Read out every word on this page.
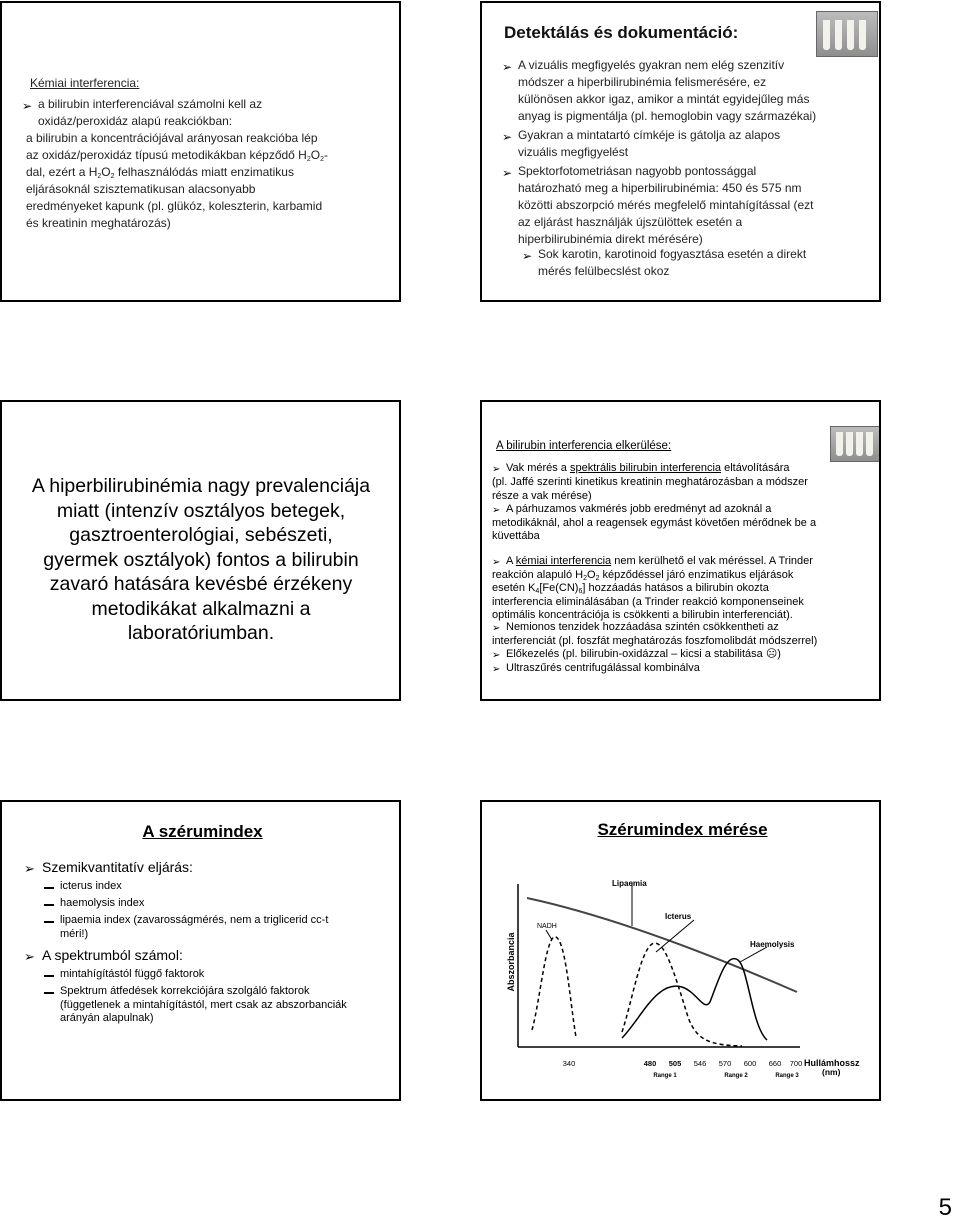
Kémiai interferencia:
a bilirubin interferenciával számolni kell az
oxidáz/peroxidáz alapú reakciókban:
➢
a bilirubin a koncentrációjával arányosan reakcióba lép
az oxidáz/peroxidáz típusú metodikákban képződő $H_2O_2-$
dal, ezért a $H_2O_2$ felhasználódás miatt enzimatikus
eljárásoknál szisztematikusan alacsonyabb
eredményeket kapunk (pl. glükóz, koleszterin, karbamid
és kreatinin meghatározás)
Detektálás és dokumentáció:
➢ A vizuális megfigyelés gyakran nem elég szenzitív
módszer a hiperbilirubinémia felismerésére, ez
különösen akkor igaz, amikor a mintát egyidejűleg más
anyag is pigmentálja (pl. hemoglobin vagy származékai)
➢ Gyakran a mintatartó címkéje is gátolja az alapos
vizuális megfigyelést
➢ Spektorfotometriásan nagyobb pontossággal
határozható meg a hiperbilirubinémia: 450 és 575 nm
közötti abszorpció mérés megfelelő mintahígítással (ezt
az eljárást használják újszülöttek esetén a
hiperbilirubinémia direkt mérésére)
➢ Sok karotin, karotinoid fogyasztása esetén a direkt
mérés felülbecslést okoz
A hiperbilirubinémia nagy prevalenciája
miatt (intenzív osztályos betegek,
gasztroenterológiai, sebészeti,
gyermek osztályok) fontos a bilirubin
zavaró hatására kevésbé érzékeny
metodikákat alkalmazni a
laboratóriumban.
A bilirubin interferencia elkerülése:
➢ Vak mérés a spektrális bilirubin interferencia eltávolítására
(pl. Jaffé szerinti kinetikus kreatinin meghatározásban a módszer
része a vak mérése)
➢ A párhuzamos vakmérés jobb eredményt ad azoknál a
metodikáknál, ahol a reagensek egymást követően mérődnek be a
küvettába
➢ A kémiai interferencia nem kerülhető el vak méréssel. A Trinder
reakción alapuló $H_2O_2$ képződéssel járó enzimatikus eljárások
esetén $K_4[Fe(CN)_6]$ hozzáadás hatásos a bilirubin okozta
interferencia eliminálásában (a Trinder reakció komponenseinek
optimális koncentrációja is csökkenti a bilirubin interferenciát).
➢ Nemionos tenzidek hozzáadása szintén csökkentheti az
interferenciát (pl. foszfát meghatározás foszfomolibdát módszerrel)
➢ Előkezelés (pl. bilirubin-oxidázzal – kicsi a stabilitása ☹)
➢ Ultraszűrés centrifugálással kombinálva
A szérumindex
➢ Szemikvantitatív eljárás:
icterus index
haemolysis index
lipaemia index (zavarosságmérés, nem a triglicerid cc-t
méri!)
➢ A spektrumból számol:
mintahígítástól függő faktorok
Spektrum átfedések korrekciójára szolgáló faktorok
(függetlenek a mintahígítástól, mert csak az abszorbanciák
arányán alapulnak)
Szérumindex mérése
Abszorbancia
Lipaemia
Icterus
Haemolysis
NADH
340	480 505 546 570 600 660 700 Hullámhossz
(nm)
Range 1	Range 2	Range 3
5
